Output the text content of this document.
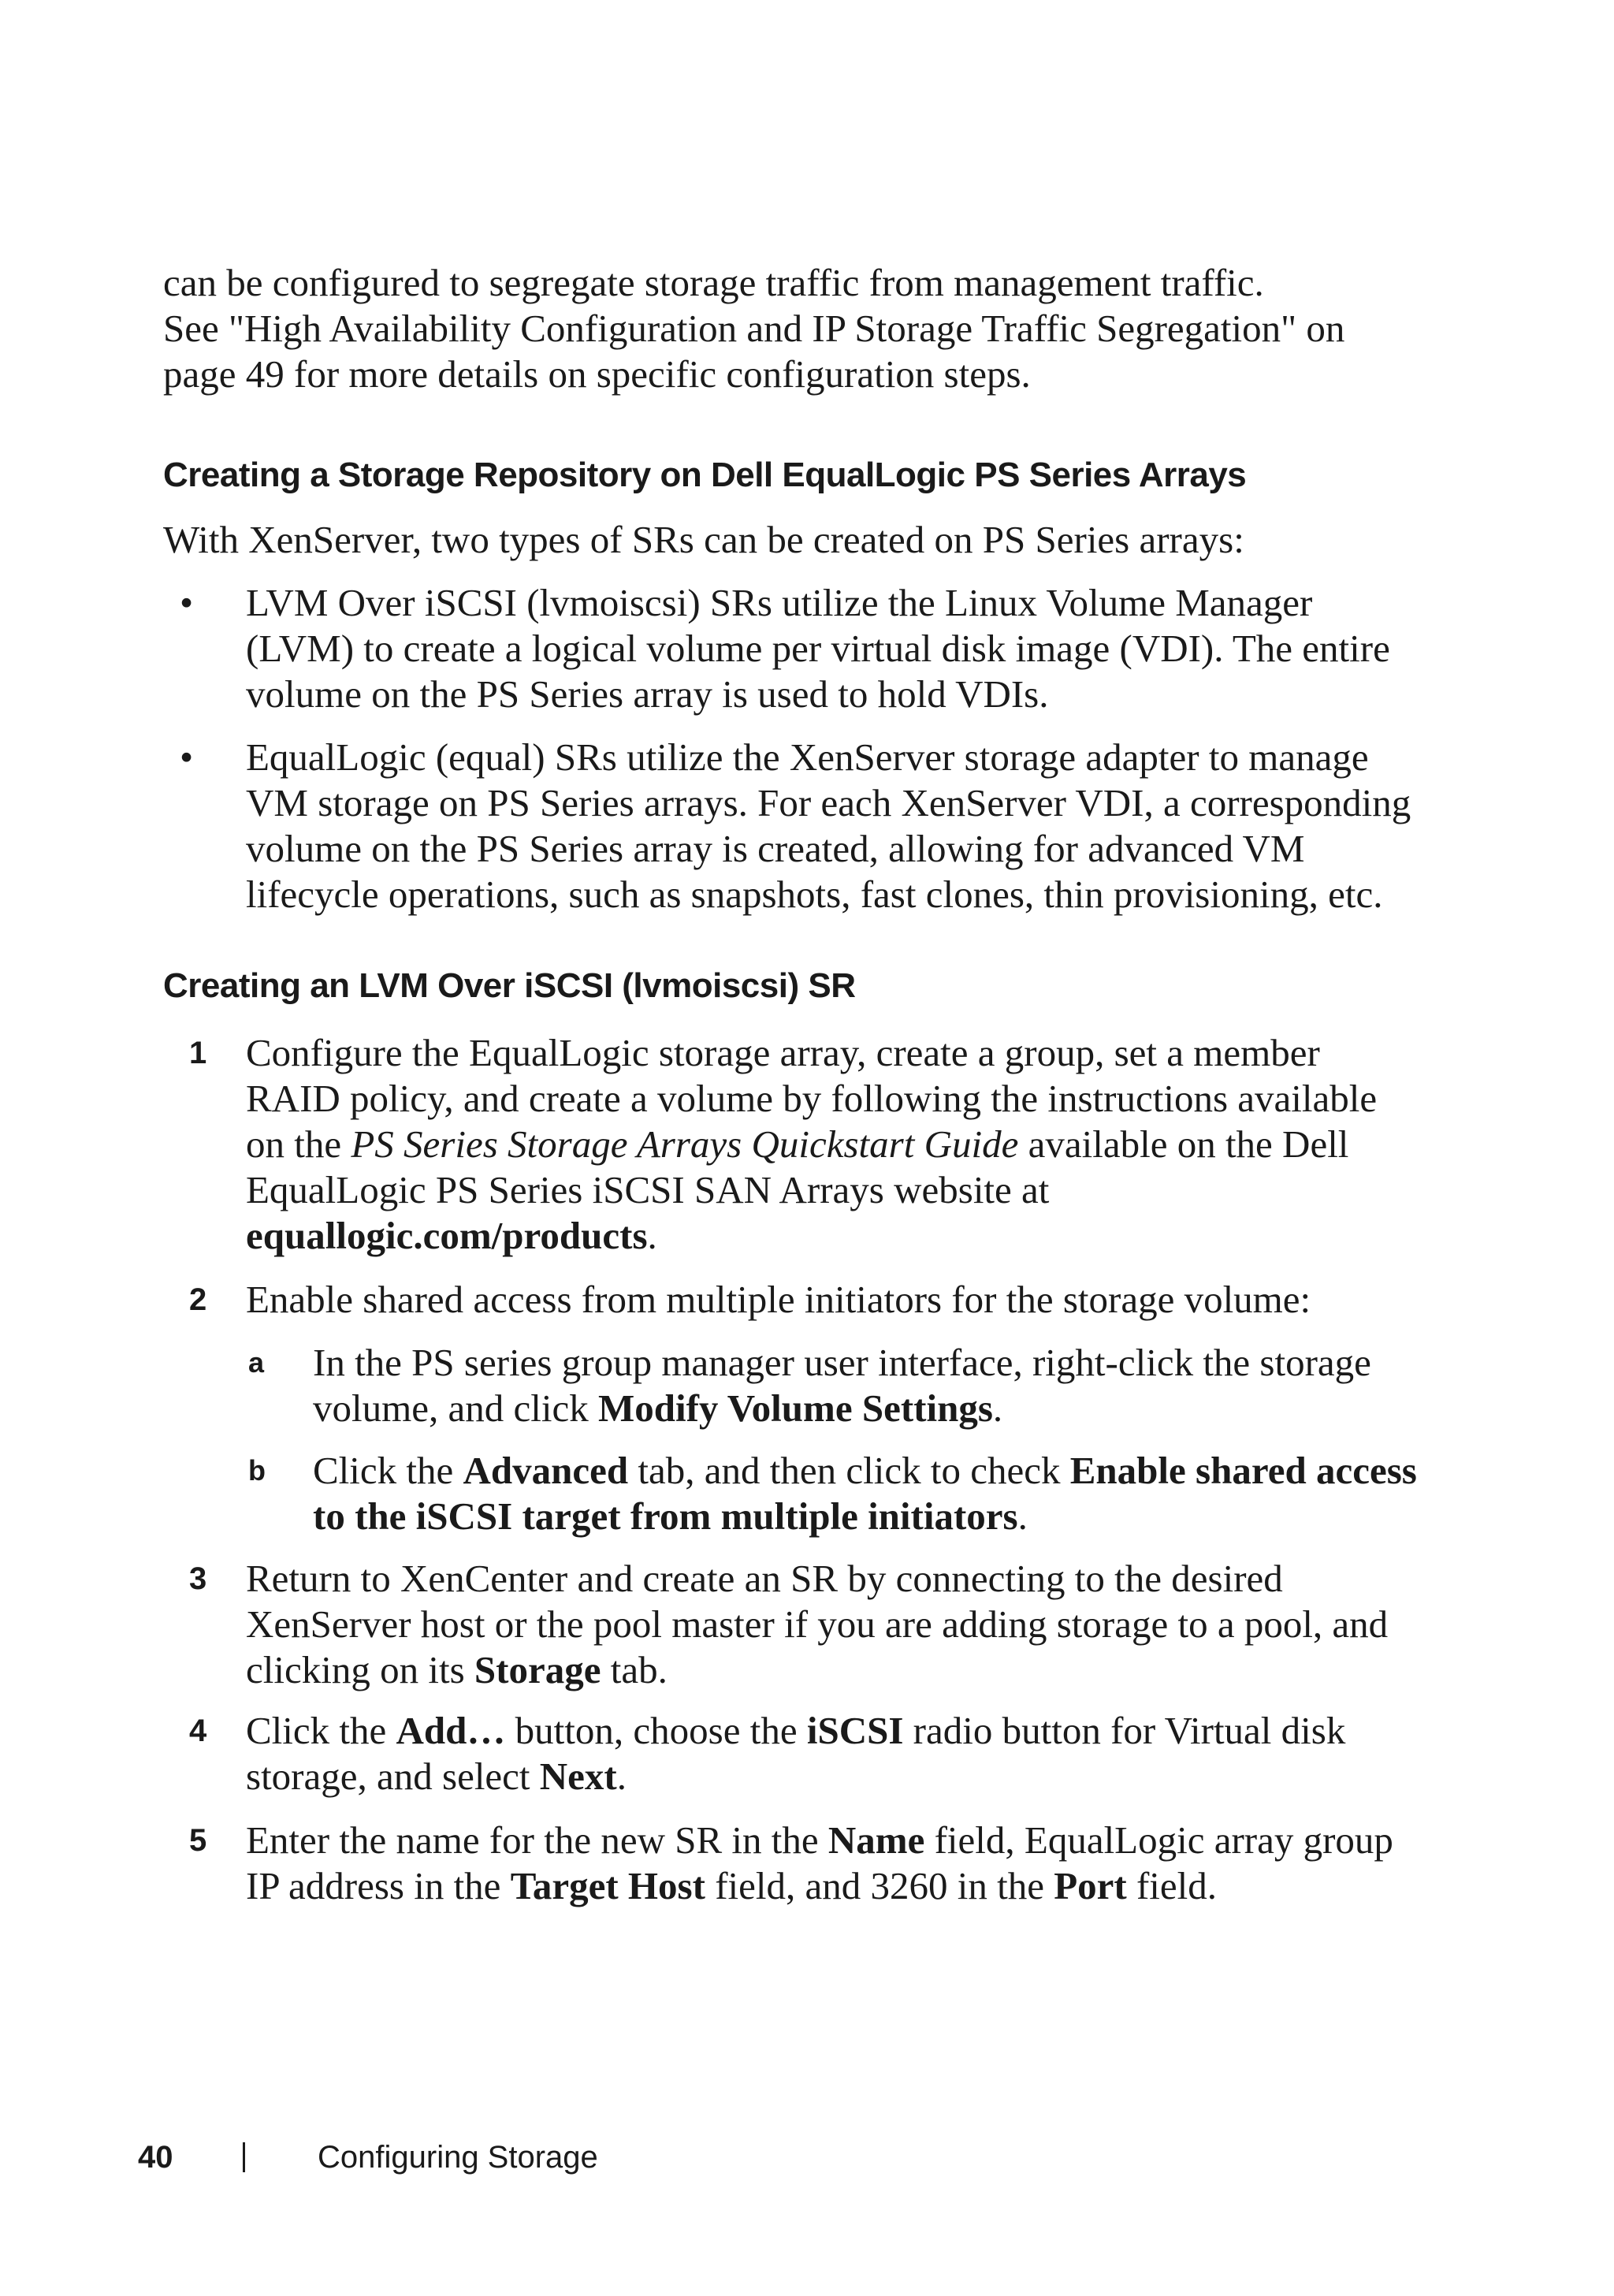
can be configured to segregate storage traffic from management traffic.
See "High Availability Configuration and IP Storage Traffic Segregation" on
page 49 for more details on specific configuration steps.

Creating a Storage Repository on Dell EqualLogic PS Series Arrays

With XenServer, two types of SRs can be created on PS Series arrays:

•	LVM Over iSCSI (lvmoiscsi) SRs utilize the Linux Volume Manager
(LVM) to create a logical volume per virtual disk image (VDI). The entire
volume on the PS Series array is used to hold VDIs.

•	EqualLogic (equal) SRs utilize the XenServer storage adapter to manage
VM storage on PS Series arrays. For each XenServer VDI, a corresponding
volume on the PS Series array is created, allowing for advanced VM
lifecycle operations, such as snapshots, fast clones, thin provisioning, etc.

Creating an LVM Over iSCSI (lvmoiscsi) SR
1 Configure the EqualLogic storage array, create a group, set a member
RAID policy, and create a volume by following the instructions available
on the PS Series Storage Arrays Quickstart Guide available on the Dell
EqualLogic PS Series iSCSI SAN Arrays website at
equallogic.com/products.

2 Enable shared access from multiple initiators for the storage volume:

a In the PS series group manager user interface, right-click the storage
volume, and click Modify Volume Settings.

b Click the Advanced tab, and then click to check Enable shared access
to the iSCSI target from multiple initiators.

3 Return to XenCenter and create an SR by connecting to the desired
XenServer host or the pool master if you are adding storage to a pool, and
clicking on its Storage tab.

4 Click the Add… button, choose the iSCSI radio button for Virtual disk
storage, and select Next.

5 Enter the name for the new SR in the Name field, EqualLogic array group
IP address in the Target Host field, and 3260 in the Port field.

40	Configuring Storage
